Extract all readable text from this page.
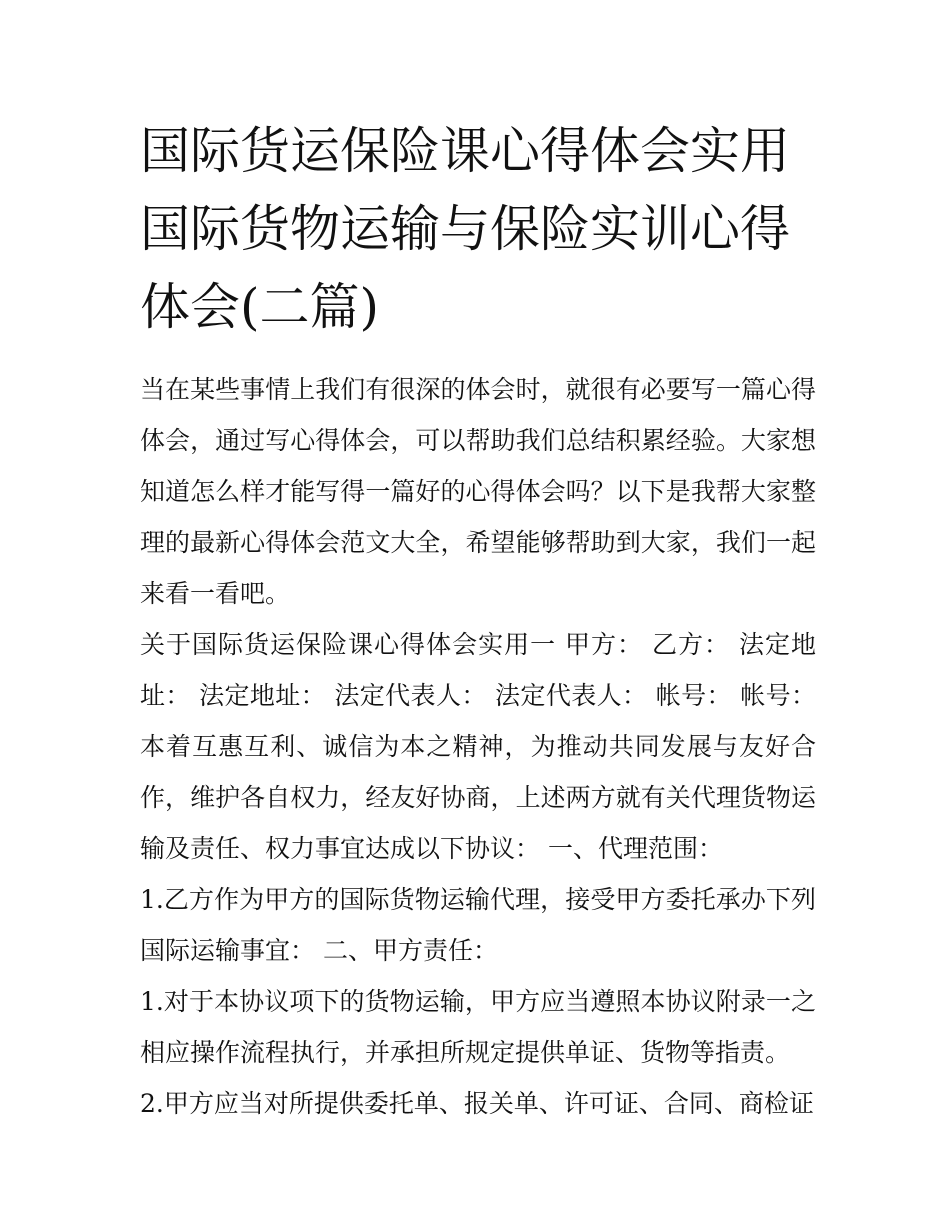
国际货运保险课心得体会实用国际货物运输与保险实训心得体会(二篇)

当在某些事情上我们有很深的体会时，就很有必要写一篇心得体会，通过写心得体会，可以帮助我们总结积累经验。大家想知道怎么样才能写得一篇好的心得体会吗？以下是我帮大家整理的最新心得体会范文大全，希望能够帮助到大家，我们一起来看一看吧。

关于国际货运保险课心得体会实用一 甲方： 乙方： 法定地址： 法定地址： 法定代表人： 法定代表人： 帐号： 帐号： 本着互惠互利、诚信为本之精神，为推动共同发展与友好合作，维护各自权力，经友好协商，上述两方就有关代理货物运输及责任、权力事宜达成以下协议： 一、代理范围：

1.乙方作为甲方的国际货物运输代理，接受甲方委托承办下列国际运输事宜： 二、甲方责任：

1.对于本协议项下的货物运输，甲方应当遵照本协议附录一之相应操作流程执行，并承担所规定提供单证、货物等指责。

2.甲方应当对所提供委托单、报关单、许可证、合同、商检证
